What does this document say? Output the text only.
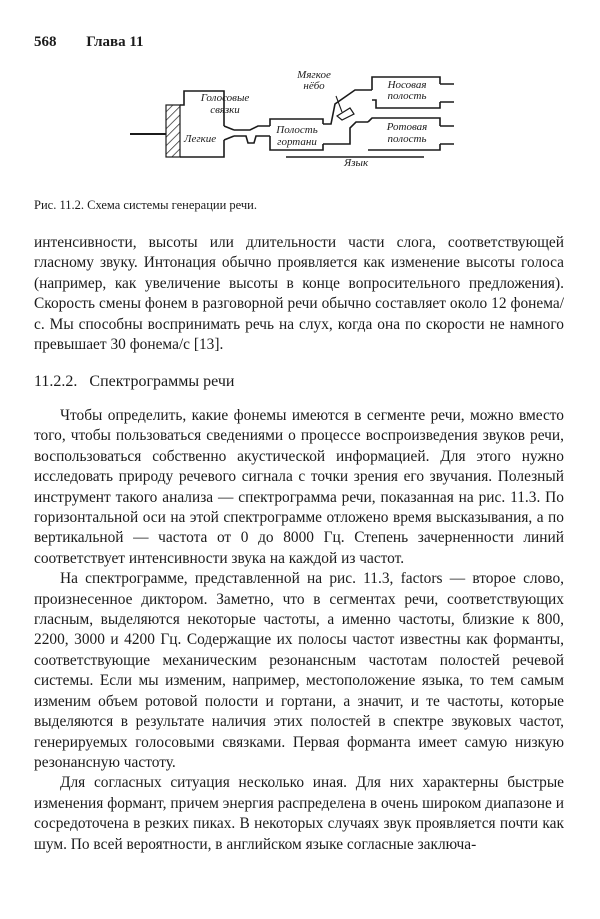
568 Глава 11
Легкие
Голосовые связки
Полость гортани
Мягкое нёбо	Носовая полость
Ротовая полость
Язык
Рис. 11.2. Схема системы генерации речи.

интенсивности, высоты или длительности части слога, соответствующей гласному звуку. Интонация обычно проявляется как изменение высоты голоса (например, как увеличение высоты в конце вопросительного предложения). Скорость смены фонем в разговорной речи обычно составляет около 12 фонема/с. Мы способны воспринимать речь на слух, когда она по скорости не намного превышает 30 фонема/с [13].

11.2.2. Спектрограммы речи

Чтобы определить, какие фонемы имеются в сегменте речи, можно вместо того, чтобы пользоваться сведениями о процессе воспроизведения звуков речи, воспользоваться собственно акустической информацией. Для этого нужно исследовать природу речевого сигнала с точки зрения его звучания. Полезный инструмент такого анализа — спектрограмма речи, показанная на рис. 11.3. По горизонтальной оси на этой спектрограмме отложено время высказывания, а по вертикальной — частота от 0 до 8000 Гц. Степень зачерненности линий соответствует интенсивности звука на каждой из частот.

На спектрограмме, представленной на рис. 11.3, factors — второе слово, произнесенное диктором. Заметно, что в сегментах речи, соответствующих гласным, выделяются некоторые частоты, а именно частоты, близкие к 800, 2200, 3000 и 4200 Гц. Содержащие их полосы частот известны как форманты, соответствующие механическим резонансным частотам полостей речевой системы. Если мы изменим, например, местоположение языка, то тем самым изменим объем ротовой полости и гортани, а значит, и те частоты, которые выделяются в результате наличия этих полостей в спектре звуковых частот, генерируемых голосовыми связками. Первая форманта имеет самую низкую резонансную частоту.

Для согласных ситуация несколько иная. Для них характерны быстрые изменения формант, причем энергия распределена в очень широком диапазоне и сосредоточена в резких пиках. В некоторых случаях звук проявляется почти как шум. По всей вероятности, в английском языке согласные заключа-
